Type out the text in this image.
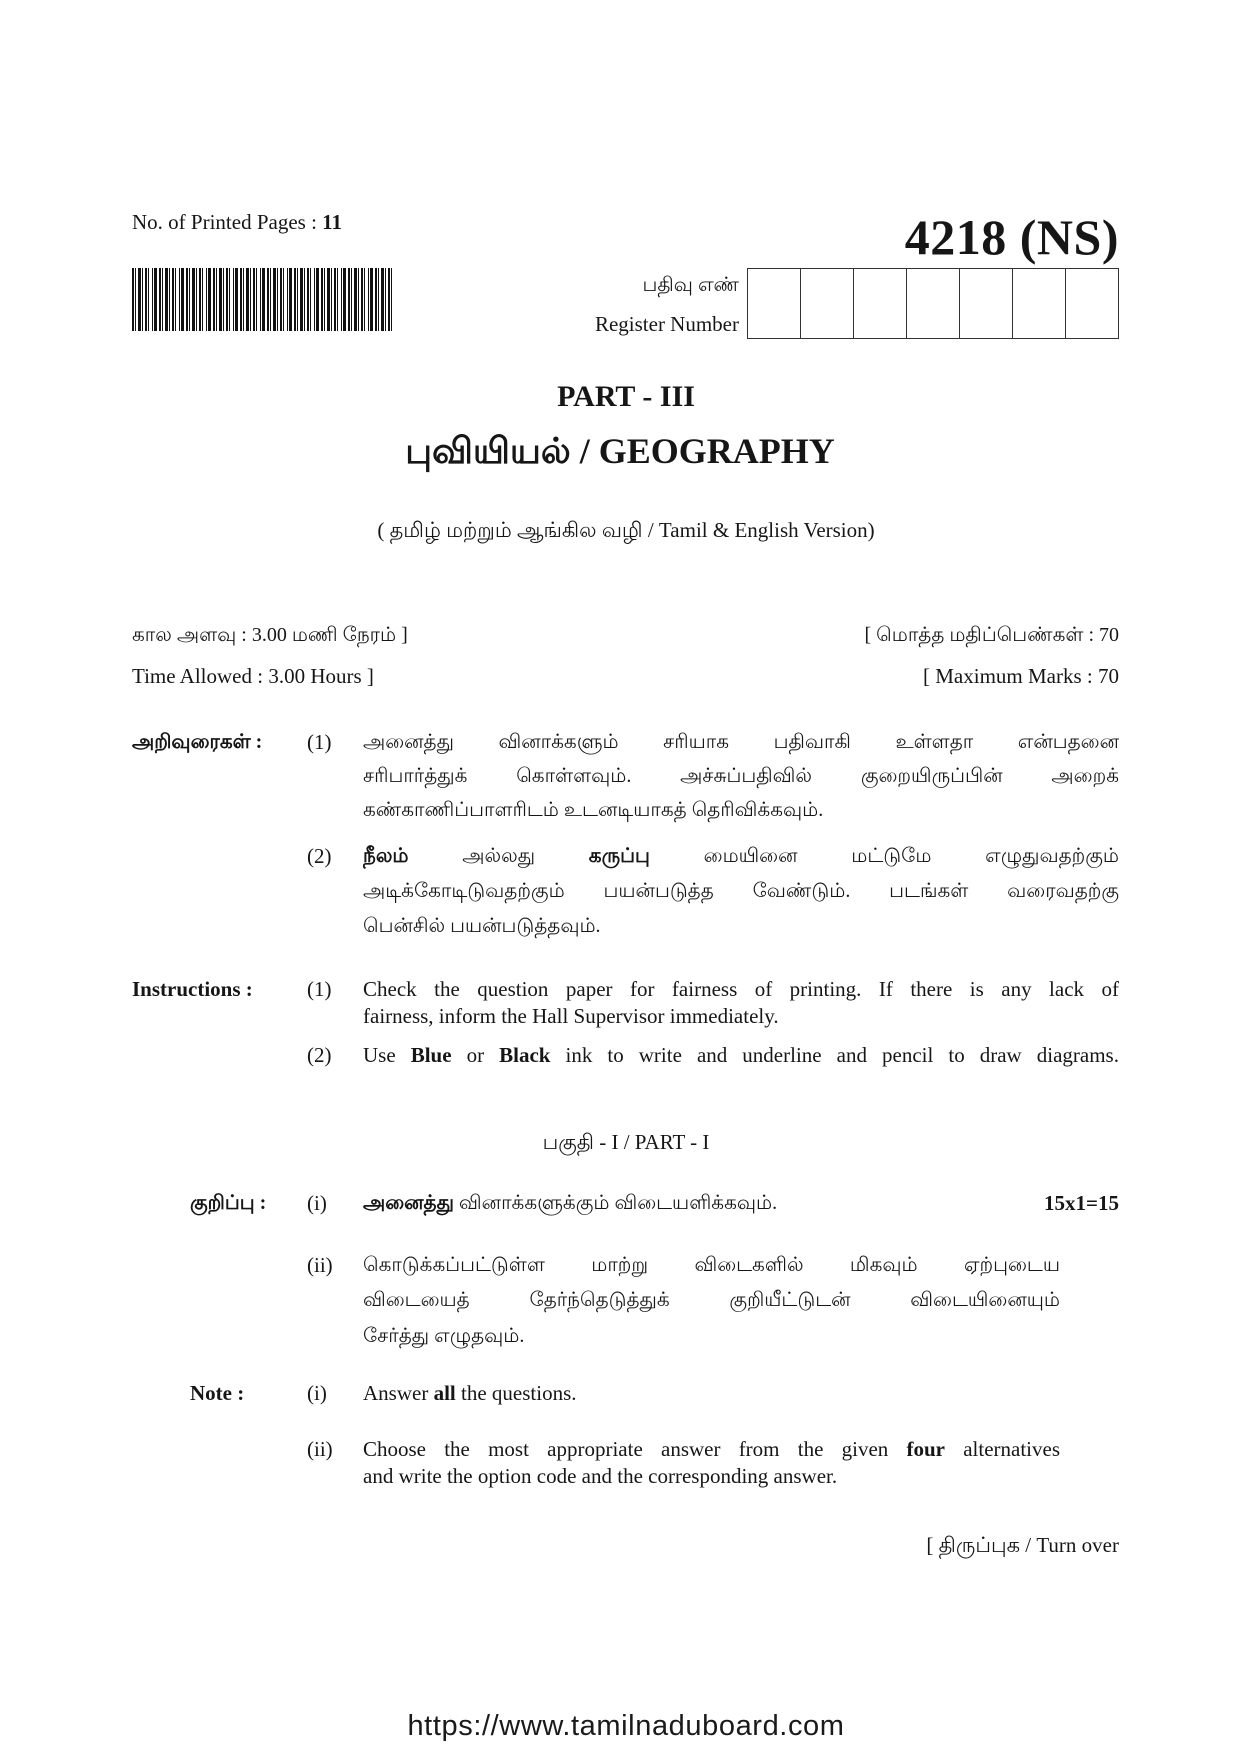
No. of Printed Pages : 11	4218 (NS)
பதிவு எண்
Register Number
PART - III
புவியியல் / GEOGRAPHY
( தமிழ் மற்றும் ஆங்கில வழி / Tamil & English Version)
கால அளவு : 3.00 மணி நேரம் ]	[ மொத்த மதிப்பெண்கள் : 70
Time Allowed : 3.00 Hours ]	[ Maximum Marks : 70
அறிவுரைகள் : (1) அனைத்து வினாக்களும் சரியாக பதிவாகி உள்ளதா என்பதனை
சரிபார்த்துக் கொள்ளவும். அச்சுப்பதிவில் குறையிருப்பின் அறைக்
கண்காணிப்பாளரிடம் உடனடியாகத் தெரிவிக்கவும்.
(2) நீலம் அல்லது கருப்பு மையினை மட்டுமே எழுதுவதற்கும்
அடிக்கோடிடுவதற்கும் பயன்படுத்த வேண்டும். படங்கள் வரைவதற்கு
பென்சில் பயன்படுத்தவும்.
Instructions :	(1) Check the question paper for fairness of printing. If there is any lack of
fairness, inform the Hall Supervisor immediately.
(2) Use Blue or Black ink to write and underline and pencil to draw diagrams.
பகுதி - I / PART - I
குறிப்பு : (i) அனைத்து வினாக்களுக்கும் விடையளிக்கவும்.	15x1=15
(ii) கொடுக்கப்பட்டுள்ள மாற்று விடைகளில் மிகவும் ஏற்புடைய
விடையைத் தேர்ந்தெடுத்துக் குறியீட்டுடன் விடையினையும்
சேர்த்து எழுதவும்.
Note :	(i) Answer all the questions.
(ii) Choose the most appropriate answer from the given four alternatives
and write the option code and the corresponding answer.
[ திருப்புக / Turn over
https://www.tamilnaduboard.com
